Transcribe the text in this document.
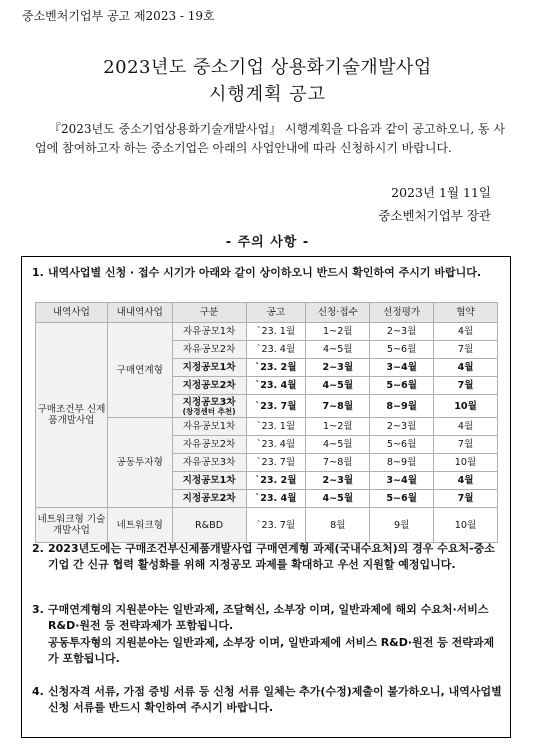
중소벤처기업부 공고 제2023 - 19호
2023년도 중소기업 상용화기술개발사업
시행계획 공고

『2023년도 중소기업상용화기술개발사업』 시행계획을 다음과 같이 공고하오니, 동 사업에 참여하고자 하는 중소기업은 아래의 사업안내에 따라 신청하시기 바랍니다.

2023년 1월 11일
중소벤처기업부 장관
- 주의 사항 -
1. 내역사업별 신청 · 접수 시기가 아래와 같이 상이하오니 반드시 확인하여 주시기 바랍니다.
내역사업	내내역사업	구분	공고	신청·접수	선정평가	협약
구매조건부 신제품개발사업	구매연계형	자유공모1차	`23. 1월	1~2월	2~3월	4월
		자유공모2차	`23. 4월	4~5월	5~6월	7월
		지정공모1차	`23. 2월	2~3월	3~4월	4월
		지정공모2차	`23. 4월	4~5월	5~6월	7월
		지정공모3차
(창경센터 추천)	`23. 7월	7~8월	8~9월	10월
	공동투자형	자유공모1차	`23. 1월	1~2월	2~3월	4월
		자유공모2차	`23. 4월	4~5월	5~6월	7월
		자유공모3차	`23. 7월	7~8월	8~9월	10월
		지정공모1차	`23. 2월	2~3월	3~4월	4월
		지정공모2차	`23. 4월	4~5월	5~6월	7월
네트워크형 기술개발사업	네트워크형	R&BD	`23. 7월	8월	9월	10월
2. 2023년도에는 구매조건부신제품개발사업 구매연계형 과제(국내수요처)의 경우 수요처-중소기업 간 신규 협력 활성화를 위해 지정공모 과제를 확대하고 우선 지원할 예정입니다.
3. 구매연계형의 지원분야는 일반과제, 조달혁신, 소부장 이며, 일반과제에 해외 수요처·서비스R&D·원전 등 전략과제가 포함됩니다.
공동투자형의 지원분야는 일반과제, 소부장 이며, 일반과제에 서비스 R&D·원전 등 전략과제가 포함됩니다.
4. 신청자격 서류, 가점 증빙 서류 등 신청 서류 일체는 추가(수정)제출이 불가하오니, 내역사업별 신청 서류를 반드시 확인하여 주시기 바랍니다.
